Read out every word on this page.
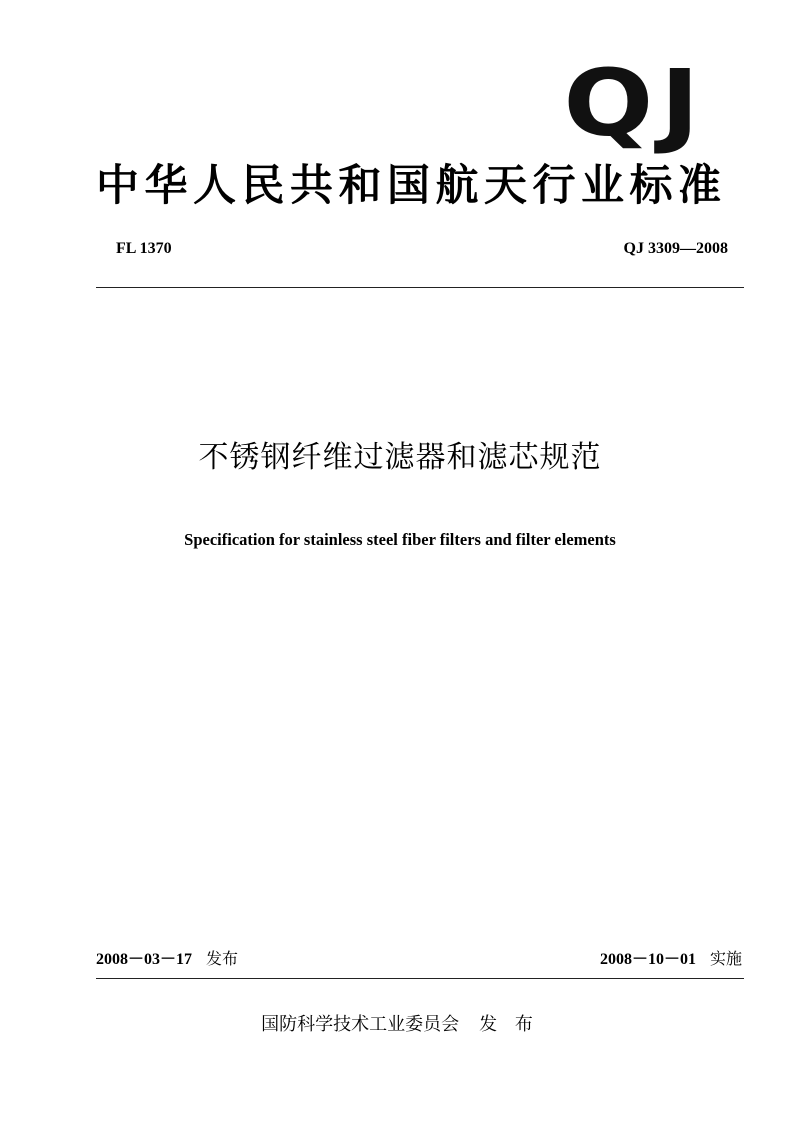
QJ
中华人民共和国航天行业标准
FL 1370	QJ 3309—2008
不锈钢纤维过滤器和滤芯规范
Specification for stainless steel fiber filters and filter elements
2008－03－17 发布	2008－10－01 实施
国防科学技术工业委员会 发 布
